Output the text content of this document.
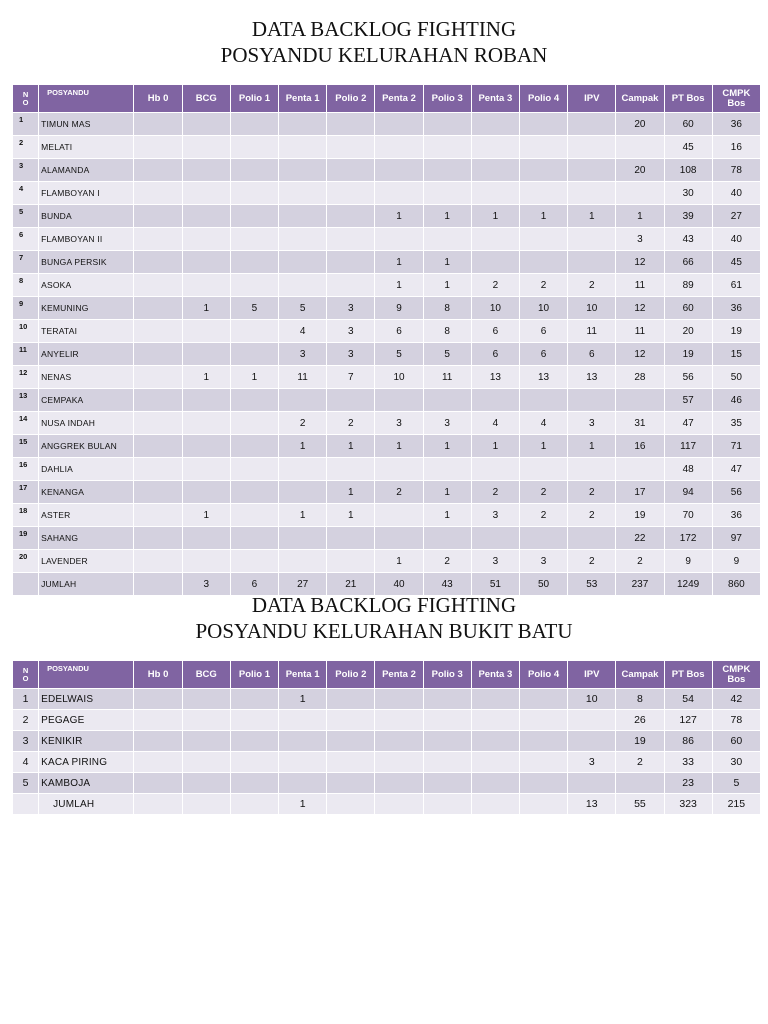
DATA BACKLOG FIGHTING
POSYANDU KELURAHAN ROBAN
N
O	POSYANDU	Hb 0	BCG	Polio 1	Penta 1	Polio 2	Penta 2	Polio 3	Penta 3	Polio 4	IPV	Campak	PT Bos	CMPK
Bos
1	TIMUN MAS											20	60	36
2	MELATI												45	16
3	ALAMANDA											20	108	78
4	FLAMBOYAN I												30	40
5	BUNDA						1	1	1	1	1	1	39	27
6	FLAMBOYAN II											3	43	40
7	BUNGA PERSIK						1	1				12	66	45
8	ASOKA						1	1	2	2	2	11	89	61
9	KEMUNING		1	5	5	3	9	8	10	10	10	12	60	36
10	TERATAI				4	3	6	8	6	6	11	11	20	19
11	ANYELIR				3	3	5	5	6	6	6	12	19	15
12	NENAS		1	1	11	7	10	11	13	13	13	28	56	50
13	CEMPAKA												57	46
14	NUSA INDAH				2	2	3	3	4	4	3	31	47	35
15	ANGGREK BULAN				1	1	1	1	1	1	1	16	117	71
16	DAHLIA												48	47
17	KENANGA					1	2	1	2	2	2	17	94	56
18	ASTER		1		1	1		1	3	2	2	19	70	36
19	SAHANG											22	172	97
20	LAVENDER						1	2	3	3	2	2	9	9
	JUMLAH		3	6	27	21	40	43	51	50	53	237	1249	860
DATA BACKLOG FIGHTING
POSYANDU KELURAHAN BUKIT BATU
N
O	POSYANDU	Hb 0	BCG	Polio 1	Penta 1	Polio 2	Penta 2	Polio 3	Penta 3	Polio 4	IPV	Campak	PT Bos	CMPK
Bos
1	EDELWAIS				1						10	8	54	42
2	PEGAGE											26	127	78
3	KENIKIR											19	86	60
4	KACA PIRING										3	2	33	30
5	KAMBOJA												23	5
	JUMLAH				1						13	55	323	215
